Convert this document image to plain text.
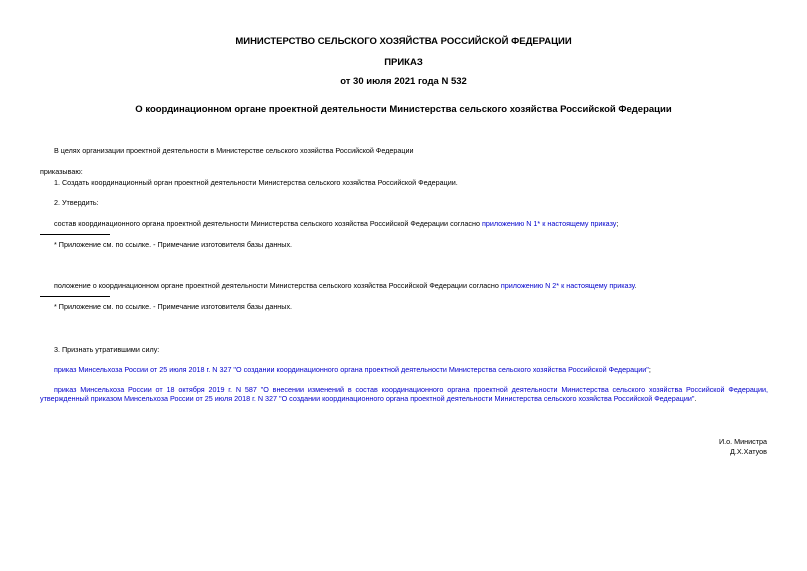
МИНИСТЕРСТВО СЕЛЬСКОГО ХОЗЯЙСТВА РОССИЙСКОЙ ФЕДЕРАЦИИ
ПРИКАЗ
от 30 июля 2021 года N 532
О координационном органе проектной деятельности Министерства сельского хозяйства Российской Федерации
В целях организации проектной деятельности в Министерстве сельского хозяйства Российской Федерации
приказываю:
1. Создать координационный орган проектной деятельности Министерства сельского хозяйства Российской Федерации.
2. Утвердить:
состав координационного органа проектной деятельности Министерства сельского хозяйства Российской Федерации согласно приложению N 1* к настоящему приказу;
* Приложение см. по ссылке. - Примечание изготовителя базы данных.
положение о координационном органе проектной деятельности Министерства сельского хозяйства Российской Федерации согласно приложению N 2* к настоящему приказу.
* Приложение см. по ссылке. - Примечание изготовителя базы данных.
3. Признать утратившими силу:
приказ Минсельхоза России от 25 июля 2018 г. N 327 "О создании координационного органа проектной деятельности Министерства сельского хозяйства Российской Федерации";
приказ Минсельхоза России от 18 октября 2019 г. N 587 "О внесении изменений в состав координационного органа проектной деятельности Министерства сельского хозяйства Российской Федерации, утвержденный приказом Минсельхоза России от 25 июля 2018 г. N 327 "О создании координационного органа проектной деятельности Министерства сельского хозяйства Российской Федерации".
И.о. Министра
Д.Х.Хатуов
